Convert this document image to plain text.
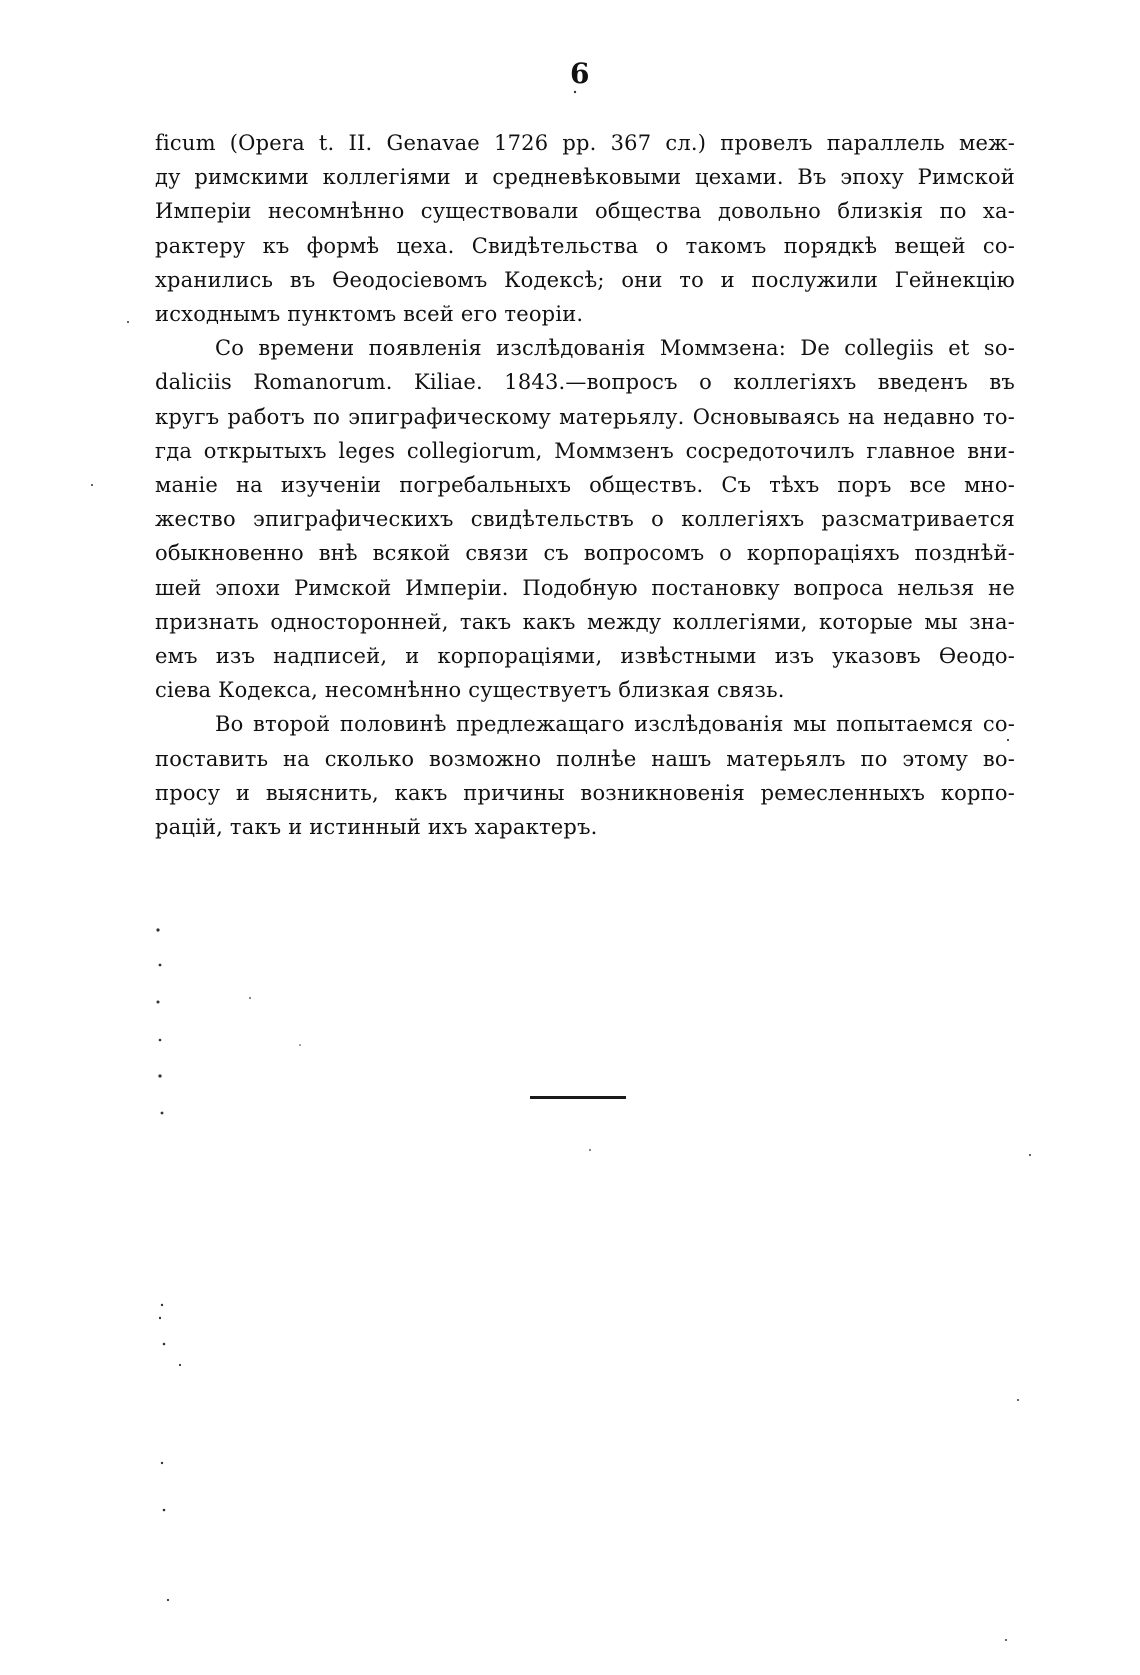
6

ficum (Opera t. II. Genavae 1726 pp. 367 сл.) провелъ параллель меж-
ду римскими коллегіями и средневѣковыми цехами. Въ эпоху Римской
Имперіи несомнѣнно существовали общества довольно близкія по ха-
рактеру къ формѣ цеха. Свидѣтельства о такомъ порядкѣ вещей со-
хранились въ Өеодосіевомъ Кодексѣ; они то и послужили Гейнекцію
исходнымъ пунктомъ всей его теоріи.
Со времени появленія изслѣдованія Моммзена: De collegiis et so-
dalіciis Romanorum. Kiliae. 1843.—вопросъ о коллегіяхъ введенъ въ
кругъ работъ по эпиграфическому матерьялу. Основываясь на недавно то-
гда открытыхъ leges collegiorum, Моммзенъ сосредоточилъ главное вни-
маніе на изученіи погребальныхъ обществъ. Съ тѣхъ поръ все мно-
жество эпиграфическихъ свидѣтельствъ о коллегіяхъ разсматривается
обыкновенно внѣ всякой связи съ вопросомъ о корпораціяхъ позднѣй-
шей эпохи Римской Имперіи. Подобную постановку вопроса нельзя не
признать односторонней, такъ какъ между коллегіями, которые мы зна-
емъ изъ надписей, и корпораціями, извѣстными изъ указовъ Өеодо-
сіева Кодекса, несомнѣнно существуетъ близкая связь.
Во второй половинѣ предлежащаго изслѣдованія мы попытаемся со-
поставить на сколько возможно полнѣе нашъ матерьялъ по этому во-
просу и выяснить, какъ причины возникновенія ремесленныхъ корпо-
рацій, такъ и истинный ихъ характеръ.
